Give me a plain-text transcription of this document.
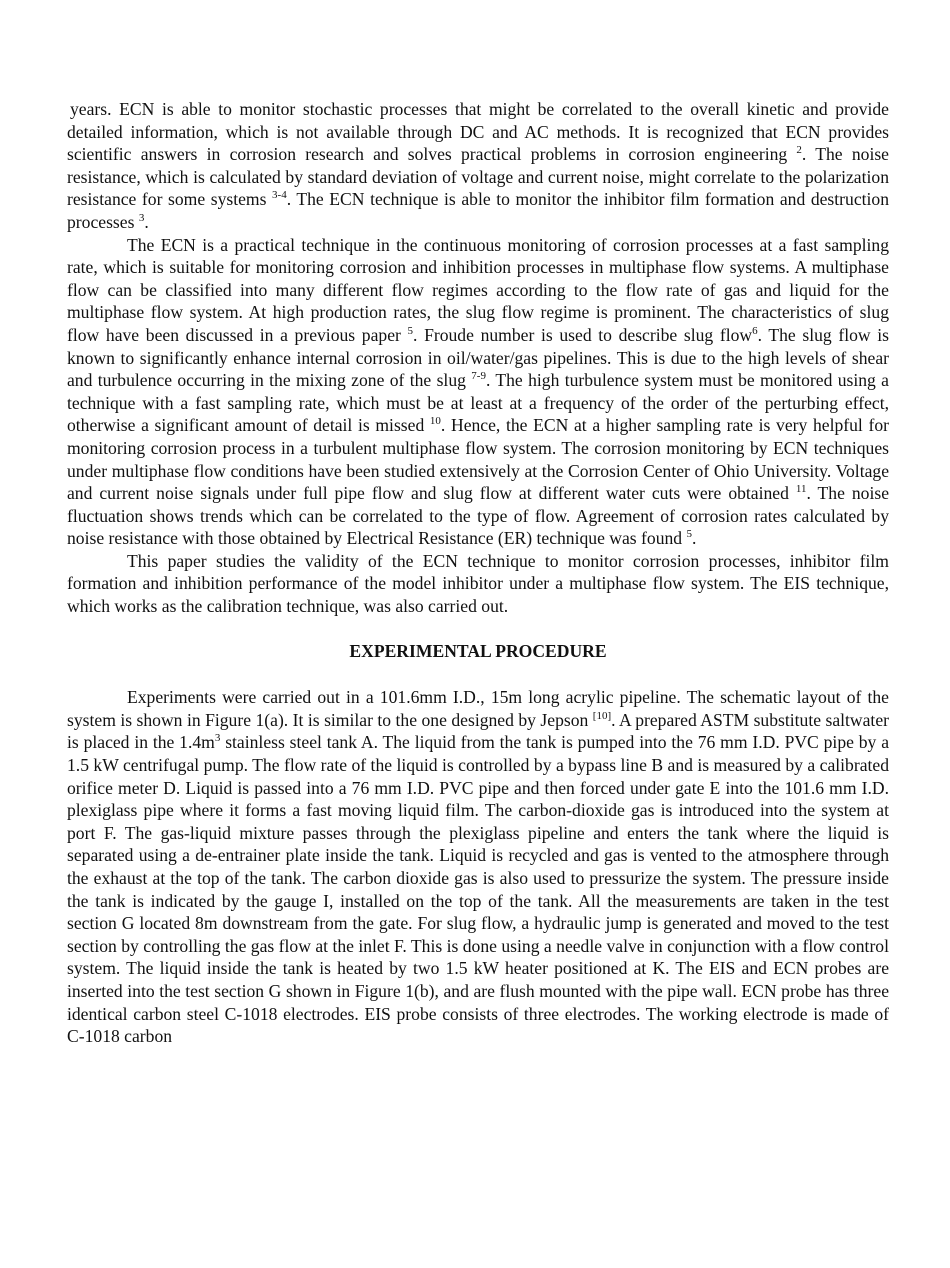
years. ECN is able to monitor stochastic processes that might be correlated to the overall kinetic and provide detailed information, which is not available through DC and AC methods. It is recognized that ECN provides scientific answers in corrosion research and solves practical problems in corrosion engineering $^2$. The noise resistance, which is calculated by standard deviation of voltage and current noise, might correlate to the polarization resistance for some systems $^{3-4}$. The ECN technique is able to monitor the inhibitor film formation and destruction processes $^3$.

The ECN is a practical technique in the continuous monitoring of corrosion processes at a fast sampling rate, which is suitable for monitoring corrosion and inhibition processes in multiphase flow systems. A multiphase flow can be classified into many different flow regimes according to the flow rate of gas and liquid for the multiphase flow system. At high production rates, the slug flow regime is prominent. The characteristics of slug flow have been discussed in a previous paper $^5$. Froude number is used to describe slug flow$^6$. The slug flow is known to significantly enhance internal corrosion in oil/water/gas pipelines. This is due to the high levels of shear and turbulence occurring in the mixing zone of the slug $^{7-9}$. The high turbulence system must be monitored using a technique with a fast sampling rate, which must be at least at a frequency of the order of the perturbing effect, otherwise a significant amount of detail is missed $^{10}$. Hence, the ECN at a higher sampling rate is very helpful for monitoring corrosion process in a turbulent multiphase flow system. The corrosion monitoring by ECN techniques under multiphase flow conditions have been studied extensively at the Corrosion Center of Ohio University. Voltage and current noise signals under full pipe flow and slug flow at different water cuts were obtained $^{11}$. The noise fluctuation shows trends which can be correlated to the type of flow. Agreement of corrosion rates calculated by noise resistance with those obtained by Electrical Resistance (ER) technique was found $^5$.

This paper studies the validity of the ECN technique to monitor corrosion processes, inhibitor film formation and inhibition performance of the model inhibitor under a multiphase flow system. The EIS technique, which works as the calibration technique, was also carried out.

EXPERIMENTAL PROCEDURE

Experiments were carried out in a 101.6mm I.D., 15m long acrylic pipeline. The schematic layout of the system is shown in Figure 1(a). It is similar to the one designed by Jepson [10]. A prepared ASTM substitute saltwater is placed in the $1.4m^3$ stainless steel tank A. The liquid from the tank is pumped into the 76 mm I.D. PVC pipe by a 1.5 kW centrifugal pump. The flow rate of the liquid is controlled by a bypass line B and is measured by a calibrated orifice meter D. Liquid is passed into a 76 mm I.D. PVC pipe and then forced under gate E into the 101.6 mm I.D. plexiglass pipe where it forms a fast moving liquid film. The carbon-dioxide gas is introduced into the system at port F. The gas-liquid mixture passes through the plexiglass pipeline and enters the tank where the liquid is separated using a de-entrainer plate inside the tank. Liquid is recycled and gas is vented to the atmosphere through the exhaust at the top of the tank. The carbon dioxide gas is also used to pressurize the system. The pressure inside the tank is indicated by the gauge I, installed on the top of the tank. All the measurements are taken in the test section G located 8m downstream from the gate. For slug flow, a hydraulic jump is generated and moved to the test section by controlling the gas flow at the inlet F. This is done using a needle valve in conjunction with a flow control system. The liquid inside the tank is heated by two 1.5 kW heater positioned at K. The EIS and ECN probes are inserted into the test section G shown in Figure 1(b), and are flush mounted with the pipe wall. ECN probe has three identical carbon steel C-1018 electrodes. EIS probe consists of three electrodes. The working electrode is made of C-1018 carbon
